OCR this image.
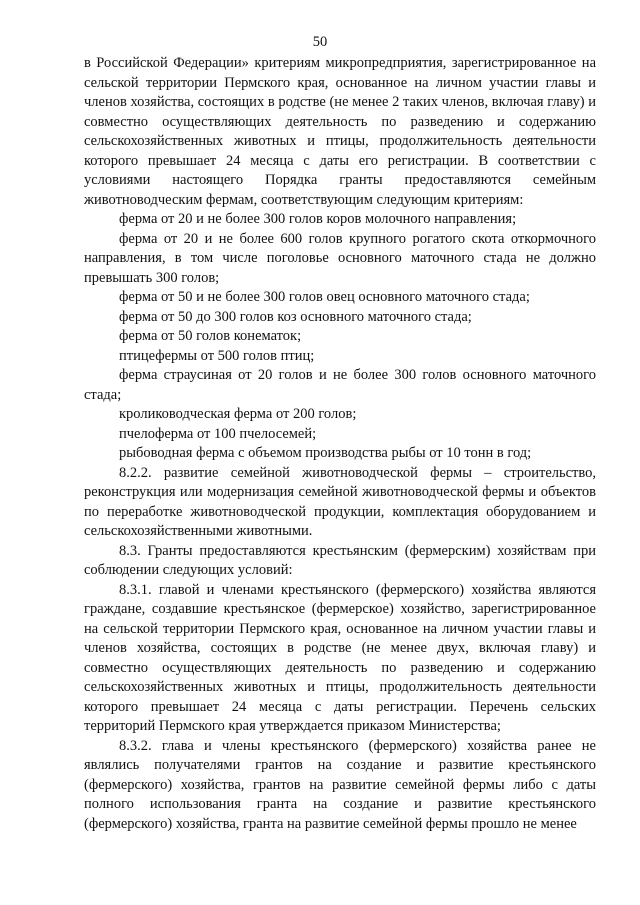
50

в Российской Федерации» критериям микропредприятия, зарегистрированное на сельской территории Пермского края, основанное на личном участии главы и членов хозяйства, состоящих в родстве (не менее 2 таких членов, включая главу) и совместно осуществляющих деятельность по разведению и содержанию сельскохозяйственных животных и птицы, продолжительность деятельности которого превышает 24 месяца с даты его регистрации. В соответствии с условиями настоящего Порядка гранты предоставляются семейным животноводческим фермам, соответствующим следующим критериям:

ферма от 20 и не более 300 голов коров молочного направления;

ферма от 20 и не более 600 голов крупного рогатого скота откормочного направления, в том числе поголовье основного маточного стада не должно превышать 300 голов;

ферма от 50 и не более 300 голов овец основного маточного стада;

ферма от 50 до 300 голов коз основного маточного стада;

ферма от 50 голов конематок;

птицефермы от 500 голов птиц;

ферма страусиная от 20 голов и не более 300 голов основного маточного стада;

кролиководческая ферма от 200 голов;

пчелоферма от 100 пчелосемей;

рыбоводная ферма с объемом производства рыбы от 10 тонн в год;

8.2.2. развитие семейной животноводческой фермы – строительство, реконструкция или модернизация семейной животноводческой фермы и объектов по переработке животноводческой продукции, комплектация оборудованием и сельскохозяйственными животными.

8.3. Гранты предоставляются крестьянским (фермерским) хозяйствам при соблюдении следующих условий:

8.3.1. главой и членами крестьянского (фермерского) хозяйства являются граждане, создавшие крестьянское (фермерское) хозяйство, зарегистрированное на сельской территории Пермского края, основанное на личном участии главы и членов хозяйства, состоящих в родстве (не менее двух, включая главу) и совместно осуществляющих деятельность по разведению и содержанию сельскохозяйственных животных и птицы, продолжительность деятельности которого превышает 24 месяца с даты регистрации. Перечень сельских территорий Пермского края утверждается приказом Министерства;

8.3.2. глава и члены крестьянского (фермерского) хозяйства ранее не являлись получателями грантов на создание и развитие крестьянского (фермерского) хозяйства, грантов на развитие семейной фермы либо с даты полного использования гранта на создание и развитие крестьянского (фермерского) хозяйства, гранта на развитие семейной фермы прошло не менее
